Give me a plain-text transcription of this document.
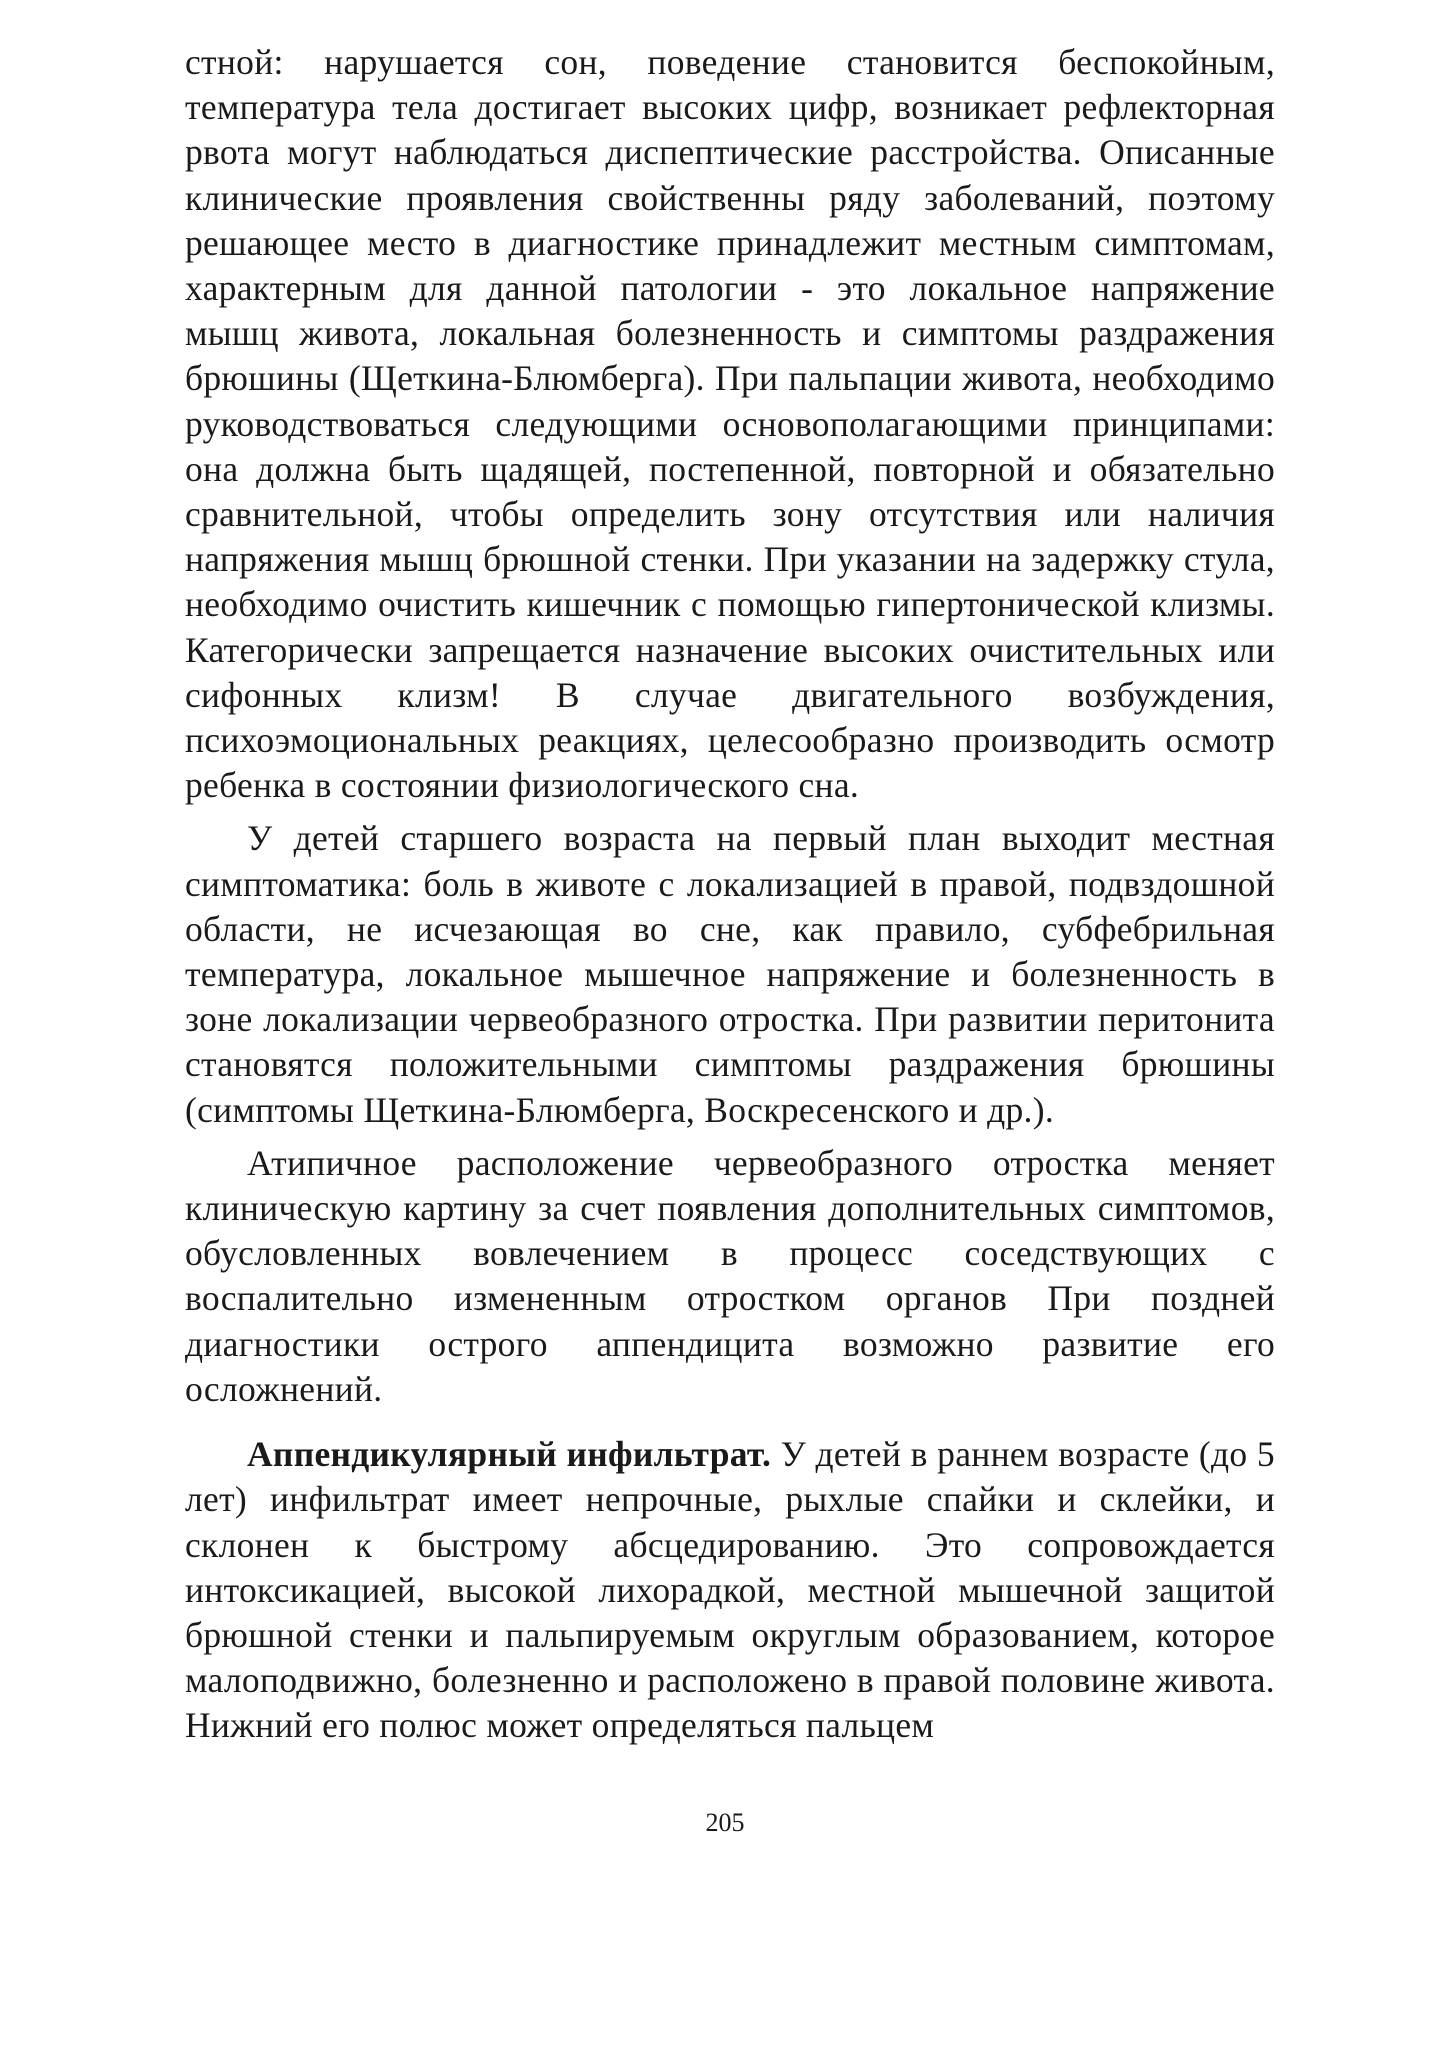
стной: нарушается сон, поведение становится беспокойным, температура тела достигает высоких цифр, возникает рефлекторная рвота могут наблюдаться диспептические расстройства. Описанные клинические проявления свойственны ряду заболеваний, поэтому решающее место в диагностике принадлежит местным симптомам, характерным для данной патологии - это локальное напряжение мышц живота, локальная болезненность и симптомы раздражения брюшины (Щеткина-Блюмберга). При пальпации живота, необходимо руководствоваться следующими основополагающими принципами: она должна быть щадящей, постепенной, повторной и обязательно сравнительной, чтобы определить зону отсутствия или наличия напряжения мышц брюшной стенки. При указании на задержку стула, необходимо очистить кишечник с помощью гипертонической клизмы. Категорически запрещается назначение высоких очистительных или сифонных клизм! В случае двигательного возбуждения, психоэмоциональных реакциях, целесообразно производить осмотр ребенка в состоянии физиологического сна.

У детей старшего возраста на первый план выходит местная симптоматика: боль в животе с локализацией в правой, подвздошной области, не исчезающая во сне, как правило, субфебрильная температура, локальное мышечное напряжение и болезненность в зоне локализации червеобразного отростка. При развитии перитонита становятся положительными симптомы раздражения брюшины (симптомы Щеткина-Блюмберга, Воскресенского и др.).

Атипичное расположение червеобразного отростка меняет клиническую картину за счет появления дополнительных симптомов, обусловленных вовлечением в процесс соседствующих с воспалительно измененным отростком органов При поздней диагностики острого аппендицита возможно развитие его осложнений.

Аппендикулярный инфильтрат. У детей в раннем возрасте (до 5 лет) инфильтрат имеет непрочные, рыхлые спайки и склейки, и склонен к быстрому абсцедированию. Это сопровождается интоксикацией, высокой лихорадкой, местной мышечной защитой брюшной стенки и пальпируемым округлым образованием, которое малоподвижно, болезненно и расположено в правой половине живота. Нижний его полюс может определяться пальцем

205
